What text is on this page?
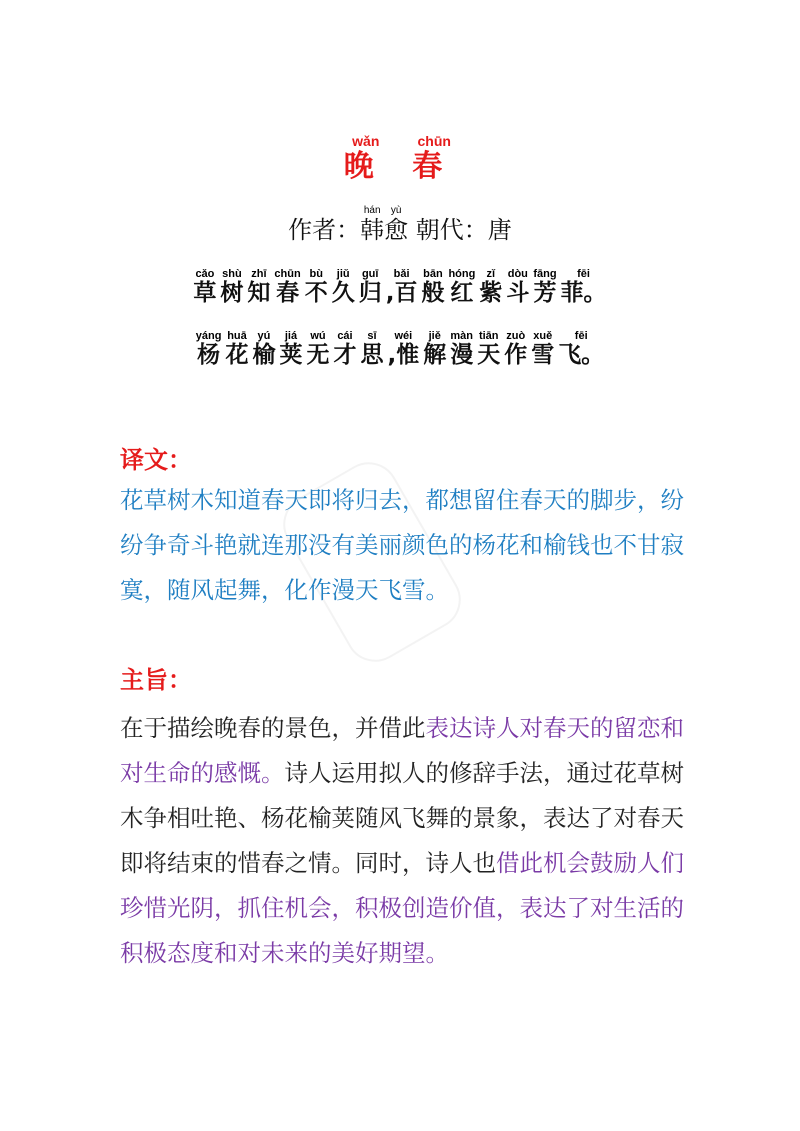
晚wǎn 春chūn
作者：韩hán愈yù 朝代：唐
草cǎo树shù知zhī春chūn不bù久jiǔ归guī,百bǎi般bān红hóng紫zǐ斗dòu芳fāng菲。fēi
杨yáng花huā榆yú荚jiá无wú才cái思sī,惟wéi解jiě漫màn天tiān作zuò雪xuě飞。fēi
译文：
花草树木知道春天即将归去，都想留住春天的脚步，纷纷争奇斗艳就连那没有美丽颜色的杨花和榆钱也不甘寂寞，随风起舞，化作漫天飞雪。
主旨：
在于描绘晚春的景色，并借此表达诗人对春天的留恋和对生命的感慨。诗人运用拟人的修辞手法，通过花草树木争相吐艳、杨花榆荚随风飞舞的景象，表达了对春天即将结束的惜春之情。同时，诗人也借此机会鼓励人们珍惜光阴，抓住机会，积极创造价值，表达了对生活的积极态度和对未来的美好期望。
